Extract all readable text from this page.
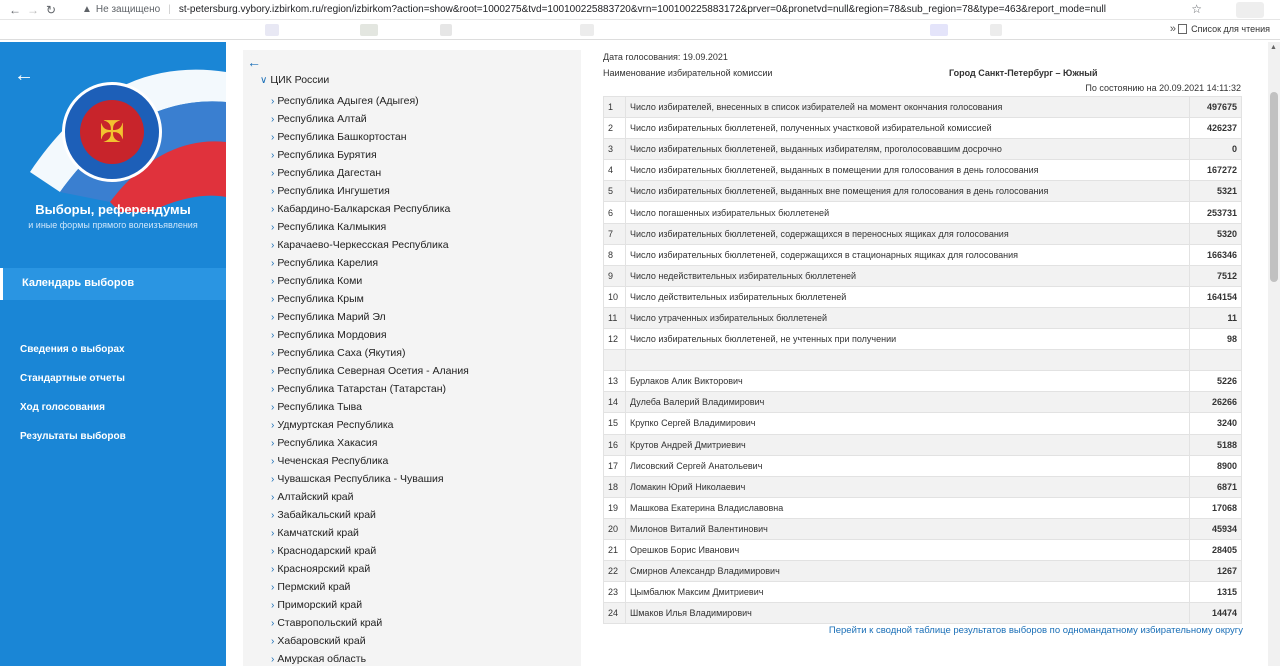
← → ↻	▲ Не защищено | st-petersburg.vybory.izbirkom.ru/region/izbirkom?action=show&root=1000275&tvd=100100225883720&vrn=100100225883172&prver=0&pronetvd=null&region=78&sub_region=78&type=463&report_mode=null	☆
» Список для чтения
←
✠
Выборы, референдумы
и иные формы прямого волеизъявления
Календарь выборов
Сведения о выборах
Стандартные отчеты
Ход голосования
Результаты выборов
←
∨ ЦИК России
› Республика Адыгея (Адыгея)
› Республика Алтай
› Республика Башкортостан
› Республика Бурятия
› Республика Дагестан
› Республика Ингушетия
› Кабардино-Балкарская Республика
› Республика Калмыкия
› Карачаево-Черкесская Республика
› Республика Карелия
› Республика Коми
› Республика Крым
› Республика Марий Эл
› Республика Мордовия
› Республика Саха (Якутия)
› Республика Северная Осетия - Алания
› Республика Татарстан (Татарстан)
› Республика Тыва
› Удмуртская Республика
› Республика Хакасия
› Чеченская Республика
› Чувашская Республика - Чувашия
› Алтайский край
› Забайкальский край
› Камчатский край
› Краснодарский край
› Красноярский край
› Пермский край
› Приморский край
› Ставропольский край
› Хабаровский край
› Амурская область
Дата голосования: 19.09.2021
Наименование избирательной комиссии	Город Санкт-Петербург – Южный
По состоянию на 20.09.2021 14:11:32
1	Число избирателей, внесенных в список избирателей на момент окончания голосования	497675
2	Число избирательных бюллетеней, полученных участковой избирательной комиссией	426237
3	Число избирательных бюллетеней, выданных избирателям, проголосовавшим досрочно	0
4	Число избирательных бюллетеней, выданных в помещении для голосования в день голосования	167272
5	Число избирательных бюллетеней, выданных вне помещения для голосования в день голосования	5321
6	Число погашенных избирательных бюллетеней	253731
7	Число избирательных бюллетеней, содержащихся в переносных ящиках для голосования	5320
8	Число избирательных бюллетеней, содержащихся в стационарных ящиках для голосования	166346
9	Число недействительных избирательных бюллетеней	7512
10	Число действительных избирательных бюллетеней	164154
11	Число утраченных избирательных бюллетеней	11
12	Число избирательных бюллетеней, не учтенных при получении	98

13	Бурлаков Алик Викторович	5226
14	Дулеба Валерий Владимирович	26266
15	Крупко Сергей Владимирович	3240
16	Крутов Андрей Дмитриевич	5188
17	Лисовский Сергей Анатольевич	8900
18	Ломакин Юрий Николаевич	6871
19	Машкова Екатерина Владиславовна	17068
20	Милонов Виталий Валентинович	45934
21	Орешков Борис Иванович	28405
22	Смирнов Александр Владимирович	1267
23	Цымбалюк Максим Дмитриевич	1315
24	Шмаков Илья Владимирович	14474
Перейти к сводной таблице результатов выборов по одномандатному избирательному округу
▲
